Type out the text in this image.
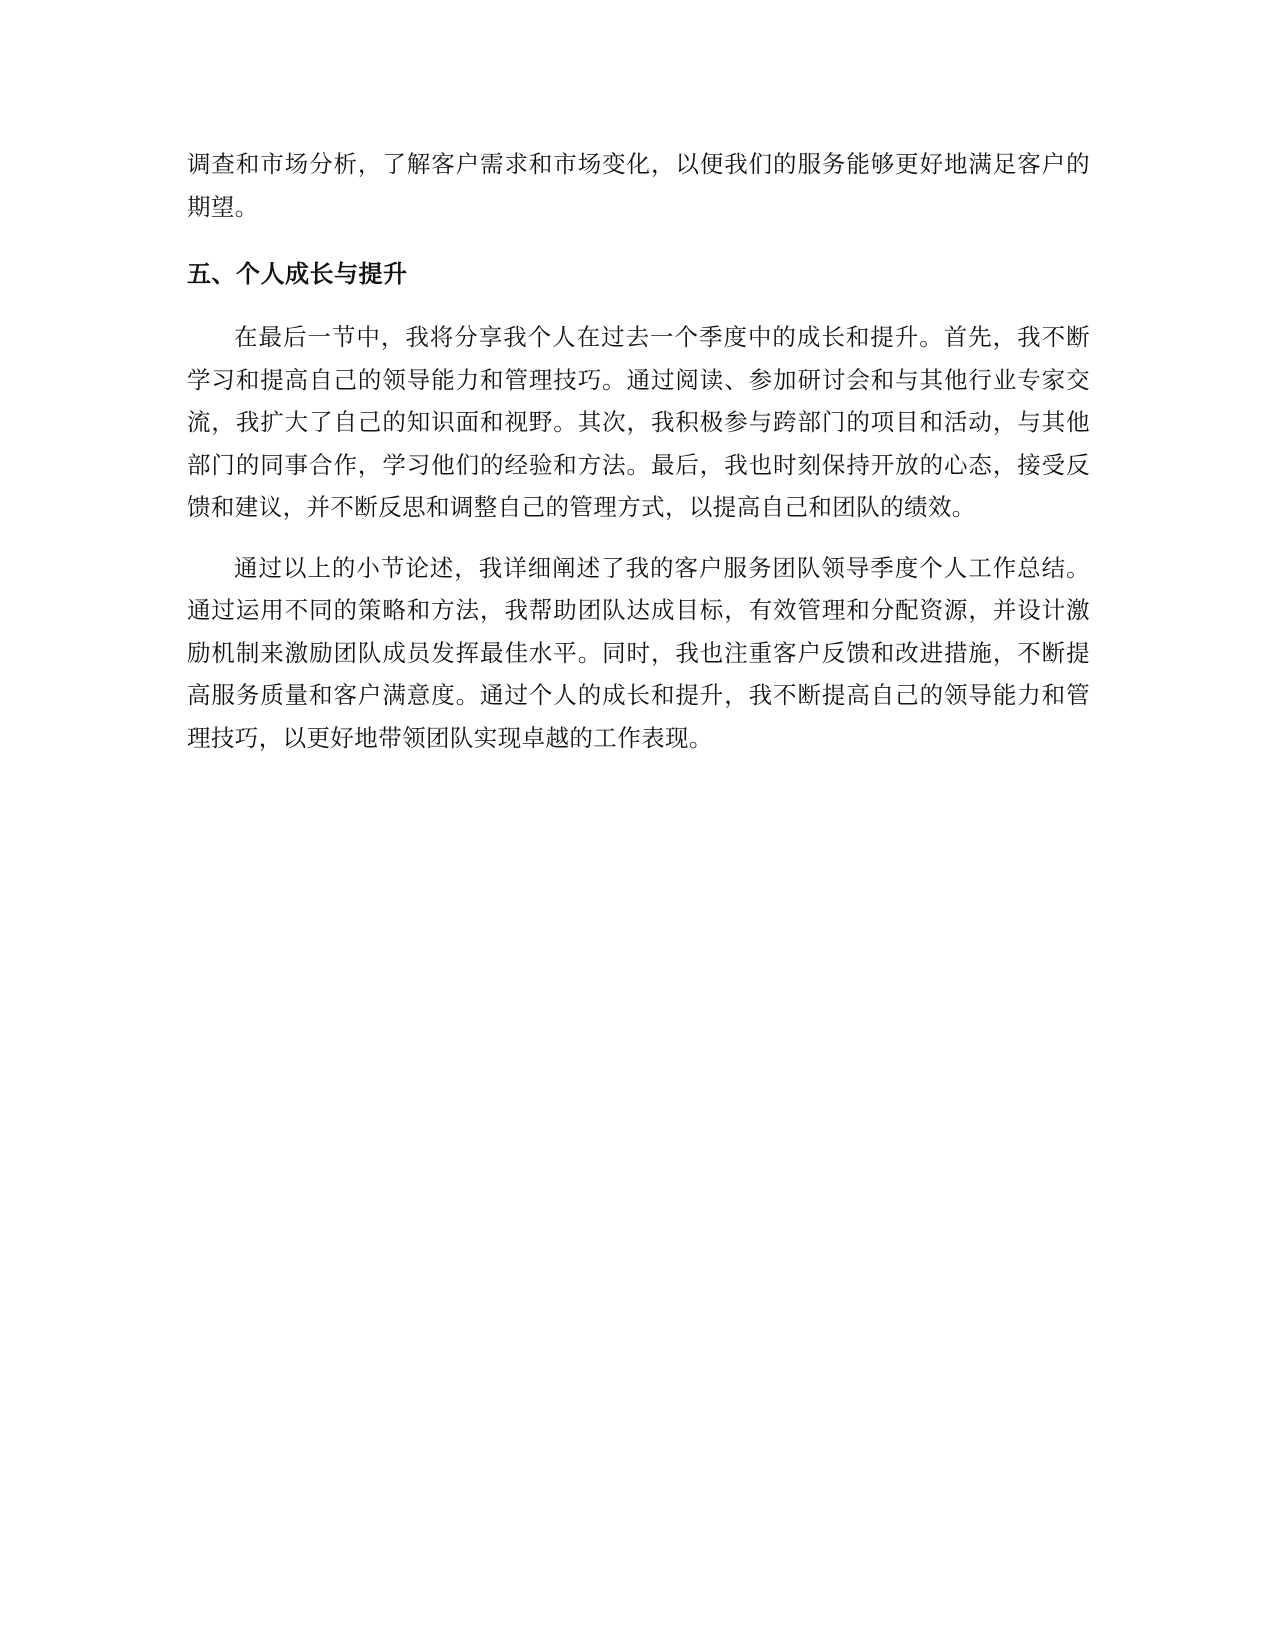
调查和市场分析，了解客户需求和市场变化，以便我们的服务能够更好地满足客户的期望。

五、个人成长与提升

在最后一节中，我将分享我个人在过去一个季度中的成长和提升。首先，我不断学习和提高自己的领导能力和管理技巧。通过阅读、参加研讨会和与其他行业专家交流，我扩大了自己的知识面和视野。其次，我积极参与跨部门的项目和活动，与其他部门的同事合作，学习他们的经验和方法。最后，我也时刻保持开放的心态，接受反馈和建议，并不断反思和调整自己的管理方式，以提高自己和团队的绩效。

通过以上的小节论述，我详细阐述了我的客户服务团队领导季度个人工作总结。通过运用不同的策略和方法，我帮助团队达成目标，有效管理和分配资源，并设计激励机制来激励团队成员发挥最佳水平。同时，我也注重客户反馈和改进措施，不断提高服务质量和客户满意度。通过个人的成长和提升，我不断提高自己的领导能力和管理技巧，以更好地带领团队实现卓越的工作表现。
